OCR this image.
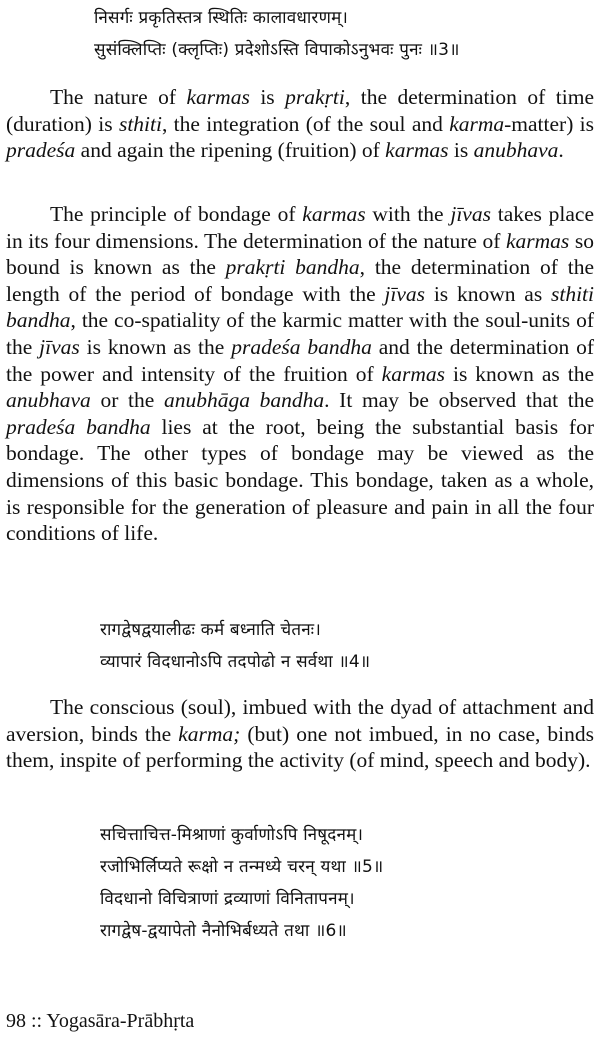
निसर्गः प्रकृतिस्तत्र स्थितिः कालावधारणम्।
सुसंक्लिप्तिः (क्लृप्तिः) प्रदेशोऽस्ति विपाकोऽनुभवः पुनः ॥3॥

The nature of karmas is prakṛti, the determination of time (duration) is sthiti, the integration (of the soul and karma-matter) is pradeśa and again the ripening (fruition) of karmas is anubhava.

The principle of bondage of karmas with the jīvas takes place in its four dimensions. The determination of the nature of karmas so bound is known as the prakṛti bandha, the determination of the length of the period of bondage with the jīvas is known as sthiti bandha, the co-spatiality of the karmic matter with the soul-units of the jīvas is known as the pradeśa bandha and the determination of the power and intensity of the fruition of karmas is known as the anubhava or the anubhāga bandha. It may be observed that the pradeśa bandha lies at the root, being the substantial basis for bondage. The other types of bondage may be viewed as the dimensions of this basic bondage. This bondage, taken as a whole, is responsible for the generation of pleasure and pain in all the four conditions of life.

रागद्वेषद्वयालीढः कर्म बध्नाति चेतनः।
व्यापारं विदधानोऽपि तदपोढो न सर्वथा ॥4॥

The conscious (soul), imbued with the dyad of attachment and aversion, binds the karma; (but) one not imbued, in no case, binds them, inspite of performing the activity (of mind, speech and body).

सचित्ताचित्त-मिश्राणां कुर्वाणोऽपि निषूदनम्।
रजोभिर्लिप्यते रूक्षो न तन्मध्ये चरन् यथा ॥5॥
विदधानो विचित्राणां द्रव्याणां विनितापनम्।
रागद्वेष-द्वयापेतो नैनोभिर्बध्यते तथा ॥6॥

98 :: Yogasāra-Prābhṛta
